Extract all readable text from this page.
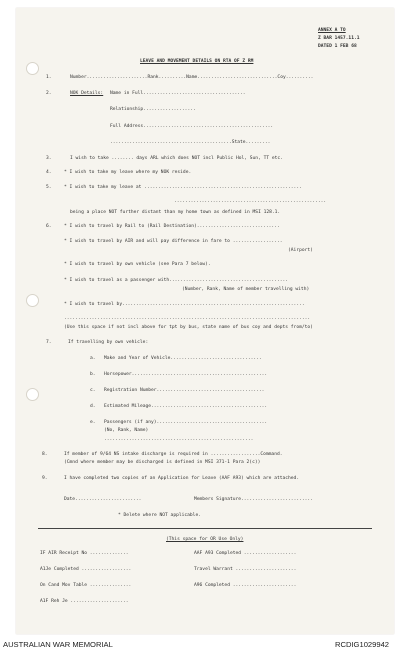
ANNEX A TO
Z BAR 1457.11.1
DATED 1 FEB 68
LEAVE AND MOVEMENT DETAILS ON RTA OF Z RM
1.	Number......................Rank..........Name.............................Coy..........
2.	NOK Details: Name in Full.....................................
Relationship...................
Full Address...............................................
............................................State.........
3.	I wish to take ........ days ARL which does NOT incl Public Hol, Sun, TT etc.
4.	* I wish to take my leave where my NOK reside.
5.	* I wish to take my leave at .........................................................
.......................................................
being a place NOT further distant than my home town as defined in MSI 128.1.
6.	* I wish to travel by Rail to (Rail Destination)..............................
* I wish to travel by AIR and will pay difference in fare to ..................
(Airport)
* I wish to travel by own vehicle (see Para 7 below).
* I wish to travel as a passenger with...........................................
(Number, Rank, Name of member travelling with)
* I wish to travel by..................................................................
.........................................................................................
(Use this space if not incl above for tpt by bus, state name of bus coy and depts from/to)
7.	If travelling by own vehicle:
a. Make and Year of Vehicle.................................
b. Horsepower.................................................
c. Registration Number.......................................
d. Estimated Mileage..........................................
e. Passengers (if any)........................................
(No, Rank, Name)
......................................................
8.	If member of 9/64 NS intake discharge is required in ..................Command.
(Cmnd where member may be discharged is defined in MSI 371-1 Para 2(c))
9.	I have completed two copies of an Application for Leave (AAF A93) which are attached.
Date........................	Members Signature..........................
* Delete where NOT applicable.
(This space for OR Use Only)
IF AIR Receipt No ..............	AAF A93 Completed ...................
A1Je Completed ..................	Travel Warrant ......................
On Cand Mov Table ...............	A96 Completed .......................
A1F Reh Je .....................
AUSTRALIAN WAR MEMORIAL	RCDIG1029942
